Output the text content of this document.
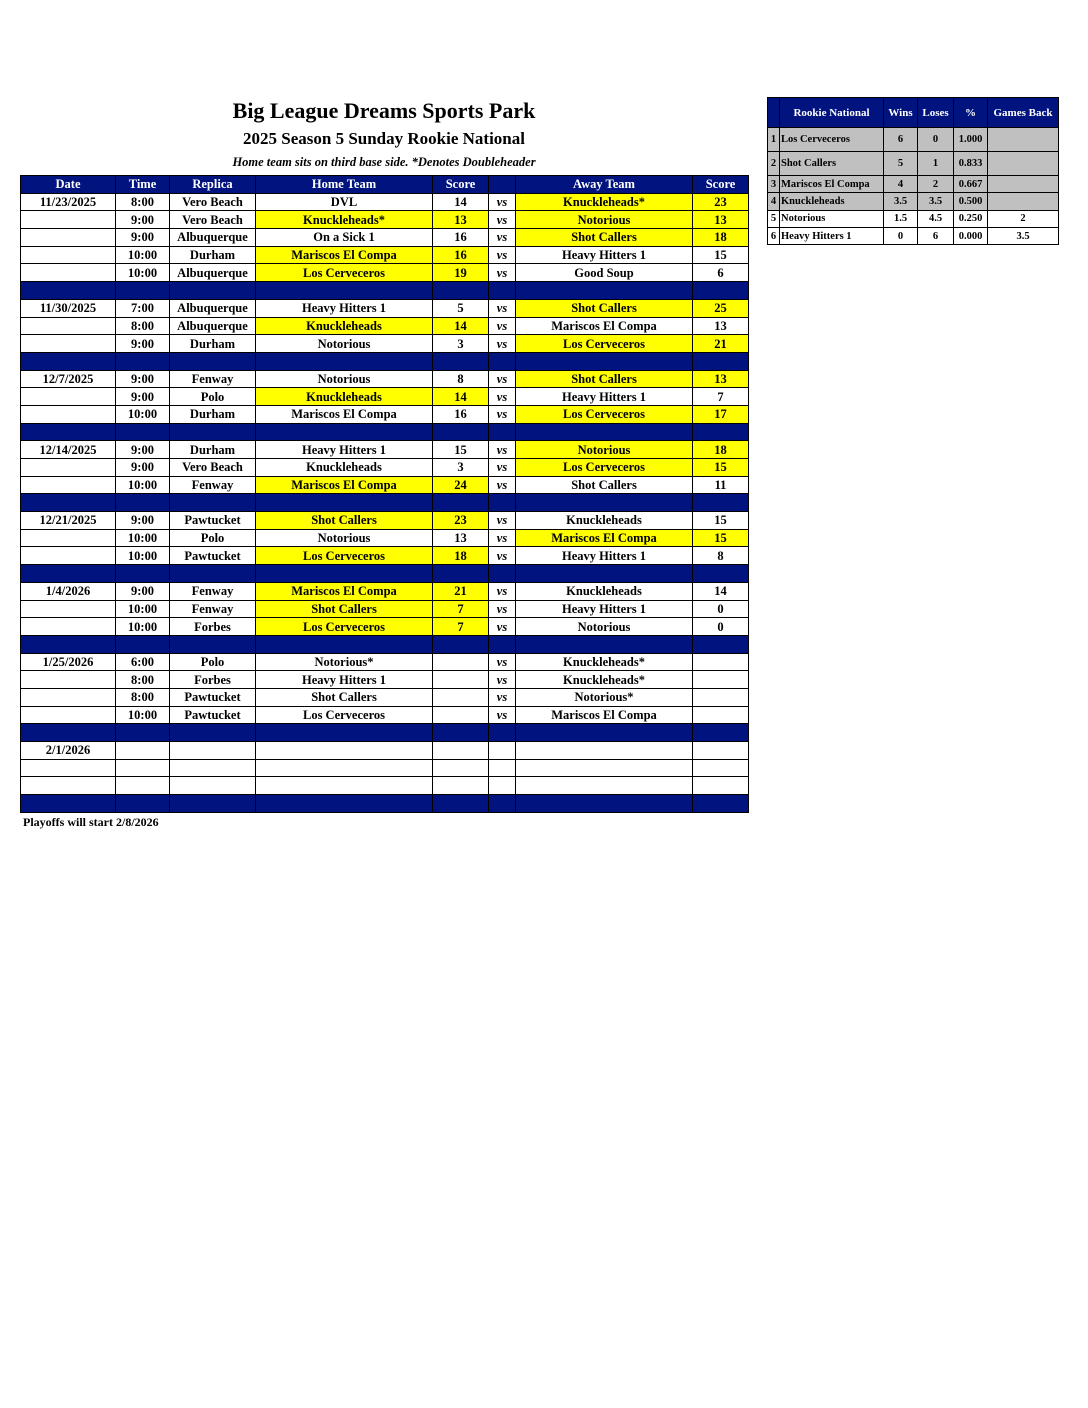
Big League Dreams Sports Park
2025 Season 5 Sunday Rookie National
Home team sits on third base side. *Denotes Doubleheader
Date	Time	Replica	Home Team	Score		Away Team	Score
11/23/2025	8:00	Vero Beach	DVL	14	vs	Knuckleheads*	23
	9:00	Vero Beach	Knuckleheads*	13	vs	Notorious	13
	9:00	Albuquerque	On a Sick 1	16	vs	Shot Callers	18
	10:00	Durham	Mariscos El Compa	16	vs	Heavy Hitters 1	15
	10:00	Albuquerque	Los Cerveceros	19	vs	Good Soup	6

11/30/2025	7:00	Albuquerque	Heavy Hitters 1	5	vs	Shot Callers	25
	8:00	Albuquerque	Knuckleheads	14	vs	Mariscos El Compa	13
	9:00	Durham	Notorious	3	vs	Los Cerveceros	21

12/7/2025	9:00	Fenway	Notorious	8	vs	Shot Callers	13
	9:00	Polo	Knuckleheads	14	vs	Heavy Hitters 1	7
	10:00	Durham	Mariscos El Compa	16	vs	Los Cerveceros	17

12/14/2025	9:00	Durham	Heavy Hitters 1	15	vs	Notorious	18
	9:00	Vero Beach	Knuckleheads	3	vs	Los Cerveceros	15
	10:00	Fenway	Mariscos El Compa	24	vs	Shot Callers	11

12/21/2025	9:00	Pawtucket	Shot Callers	23	vs	Knuckleheads	15
	10:00	Polo	Notorious	13	vs	Mariscos El Compa	15
	10:00	Pawtucket	Los Cerveceros	18	vs	Heavy Hitters 1	8

1/4/2026	9:00	Fenway	Mariscos El Compa	21	vs	Knuckleheads	14
	10:00	Fenway	Shot Callers	7	vs	Heavy Hitters 1	0
	10:00	Forbes	Los Cerveceros	7	vs	Notorious	0

1/25/2026	6:00	Polo	Notorious*		vs	Knuckleheads*	
	8:00	Forbes	Heavy Hitters 1		vs	Knuckleheads*	
	8:00	Pawtucket	Shot Callers		vs	Notorious*	
	10:00	Pawtucket	Los Cerveceros		vs	Mariscos El Compa	

2/1/2026							

Playoffs will start 2/8/2026
	Rookie National	Wins	Loses	%	Games Back
1	Los Cerveceros	6	0	1.000	
2	Shot Callers	5	1	0.833	
3	Mariscos El Compa	4	2	0.667	
4	Knuckleheads	3.5	3.5	0.500	
5	Notorious	1.5	4.5	0.250	2
6	Heavy Hitters 1	0	6	0.000	3.5
